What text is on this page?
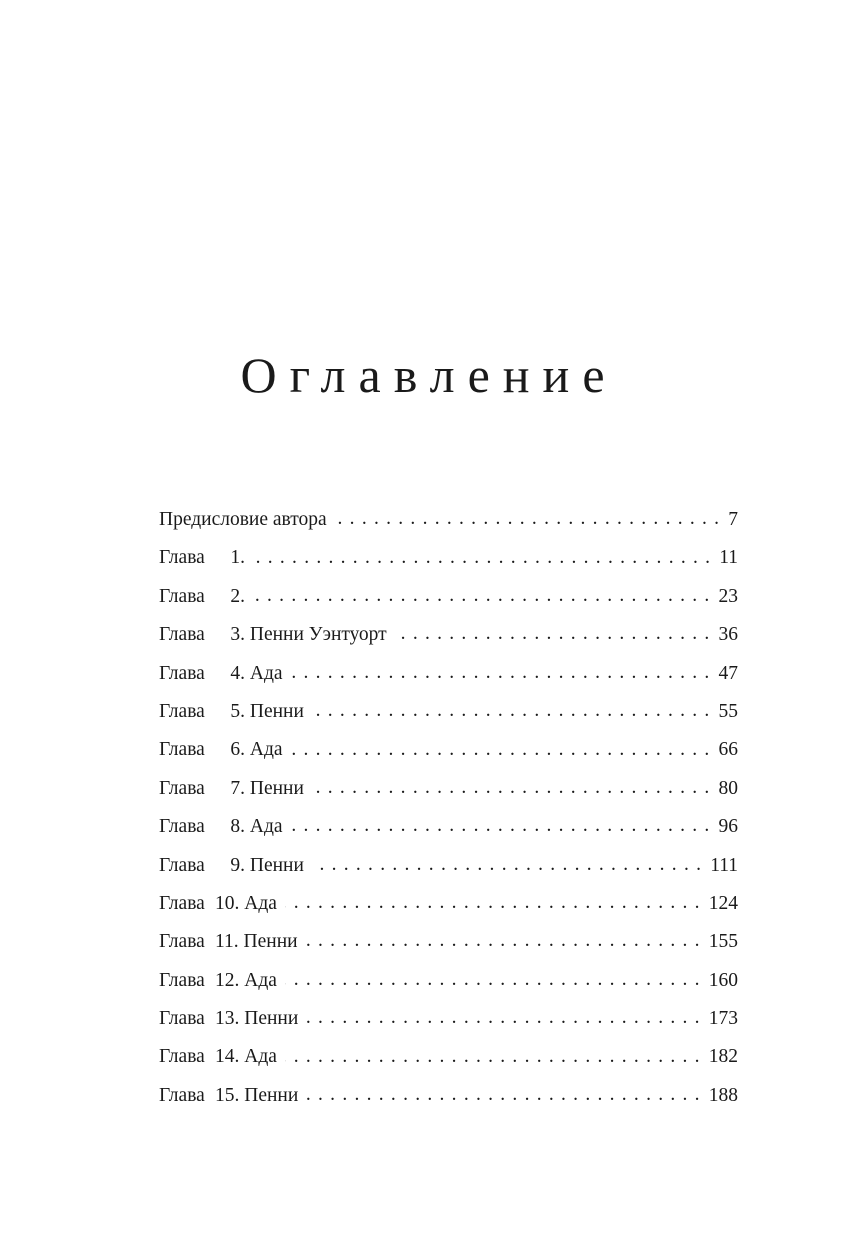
Оглавление
Предисловие автора . . .	7
Глава 1. . . .	11
Глава 2. . . .	23
Глава 3. Пенни Уэнтуорт . . .	36
Глава 4. Ада . . .	47
Глава 5. Пенни . . .	55
Глава 6. Ада . . .	66
Глава 7. Пенни . . .	80
Глава 8. Ада . . .	96
Глава 9. Пенни . . .	111
Глава 10. Ада . . .	124
Глава 11. Пенни . . .	155
Глава 12. Ада . . .	160
Глава 13. Пенни . . .	173
Глава 14. Ада . . .	182
Глава 15. Пенни . . .	188
